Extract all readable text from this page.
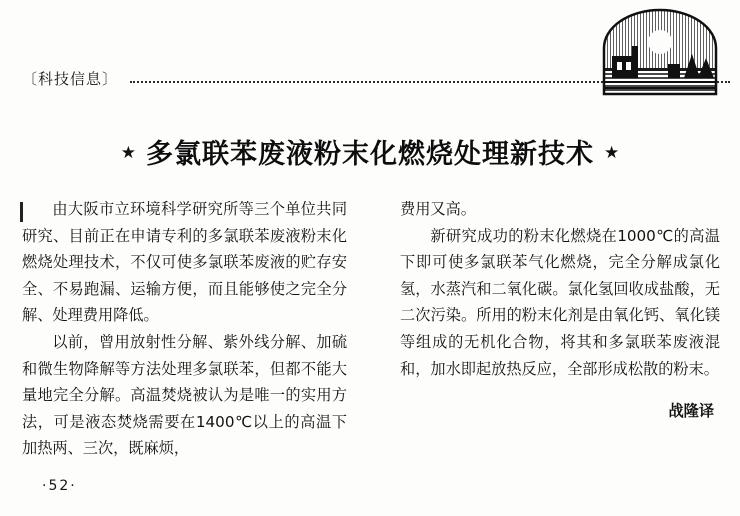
〔科技信息〕
★ 多氯联苯废液粉末化燃烧处理新技术 ★

由大阪市立环境科学研究所等三个单位共同研究、目前正在申请专利的多氯联苯废液粉末化燃烧处理技术，不仅可使多氯联苯废液的贮存安全、不易跑漏、运输方便，而且能够使之完全分解、处理费用降低。

以前，曾用放射性分解、紫外线分解、加硫和微生物降解等方法处理多氯联苯，但都不能大量地完全分解。高温焚烧被认为是唯一的实用方法，可是液态焚烧需要在1400℃以上的高温下加热两、三次，既麻烦，

费用又高。

新研究成功的粉末化燃烧在1000℃的高温下即可使多氯联苯气化燃烧，完全分解成氯化氢，水蒸汽和二氧化碳。氯化氢回收成盐酸，无二次污染。所用的粉末化剂是由氧化钙、氧化镁等组成的无机化合物，将其和多氯联苯废液混和，加水即起放热反应，全部形成松散的粉末。

战隆译
·52·
